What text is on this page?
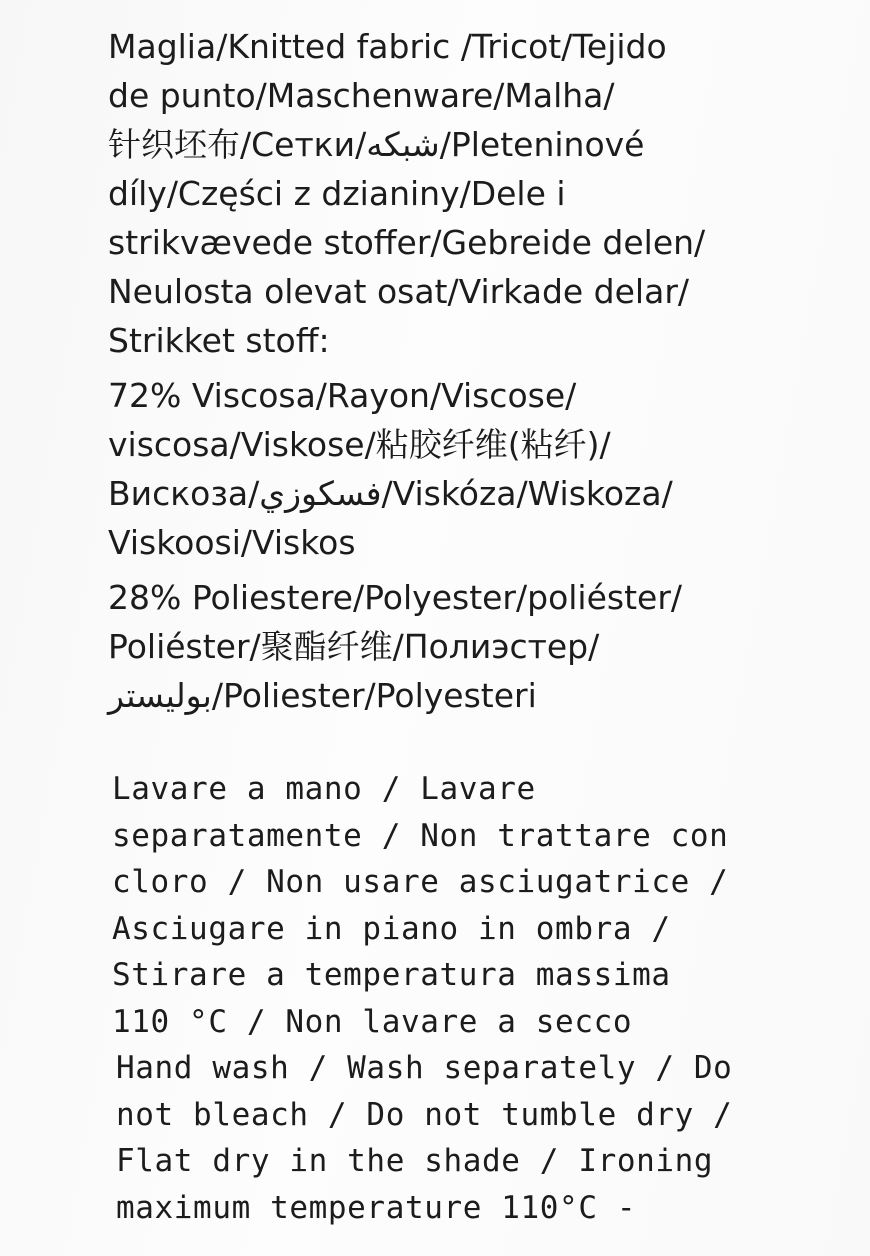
Maglia/Knitted fabric /Tricot/Tejido
de punto/Maschenware/Malha/
针织坯布/Сетки/شبكه/Pleteninové
díly/Części z dzianiny/Dele i
strikvævede stoffer/Gebreide delen/
Neulosta olevat osat/Virkade delar/
Strikket stoff:
72% Viscosa/Rayon/Viscose/
viscosa/Viskose/粘胶纤维(粘纤)/
Вискоза/فسكوزي/Viskóza/Wiskoza/
Viskoosi/Viskos
28% Poliestere/Polyester/poliéster/
Poliéster/聚酯纤维/Полиэстер/
بوليستر/Poliester/Polyesteri
Lavare a mano / Lavare
separatamente / Non trattare con
cloro / Non usare asciugatrice /
Asciugare in piano in ombra /
Stirare a temperatura massima
110 °C / Non lavare a secco
Hand wash / Wash separately / Do
not bleach / Do not tumble dry /
Flat dry in the shade / Ironing
maximum temperature 110°C -
